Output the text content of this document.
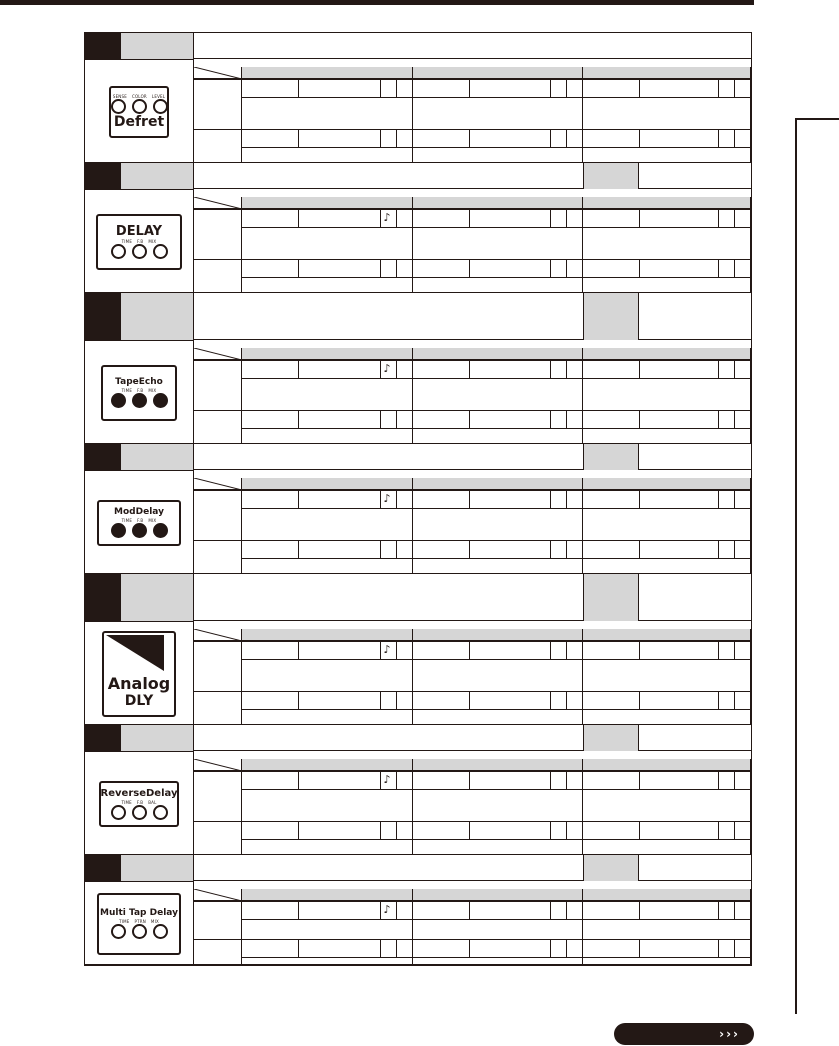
SENSE COLOR LEVEL
Defret
DELAY
TIME F.B MIX
♪
TapeEcho
TIME F.B MIX
♪
ModDelay
TIME F.B MIX
♪
Analog
DLY
♪
ReverseDelay
TIME F.B BAL
♪
Multi Tap Delay
TIME PTRN MIX
♪
›››
